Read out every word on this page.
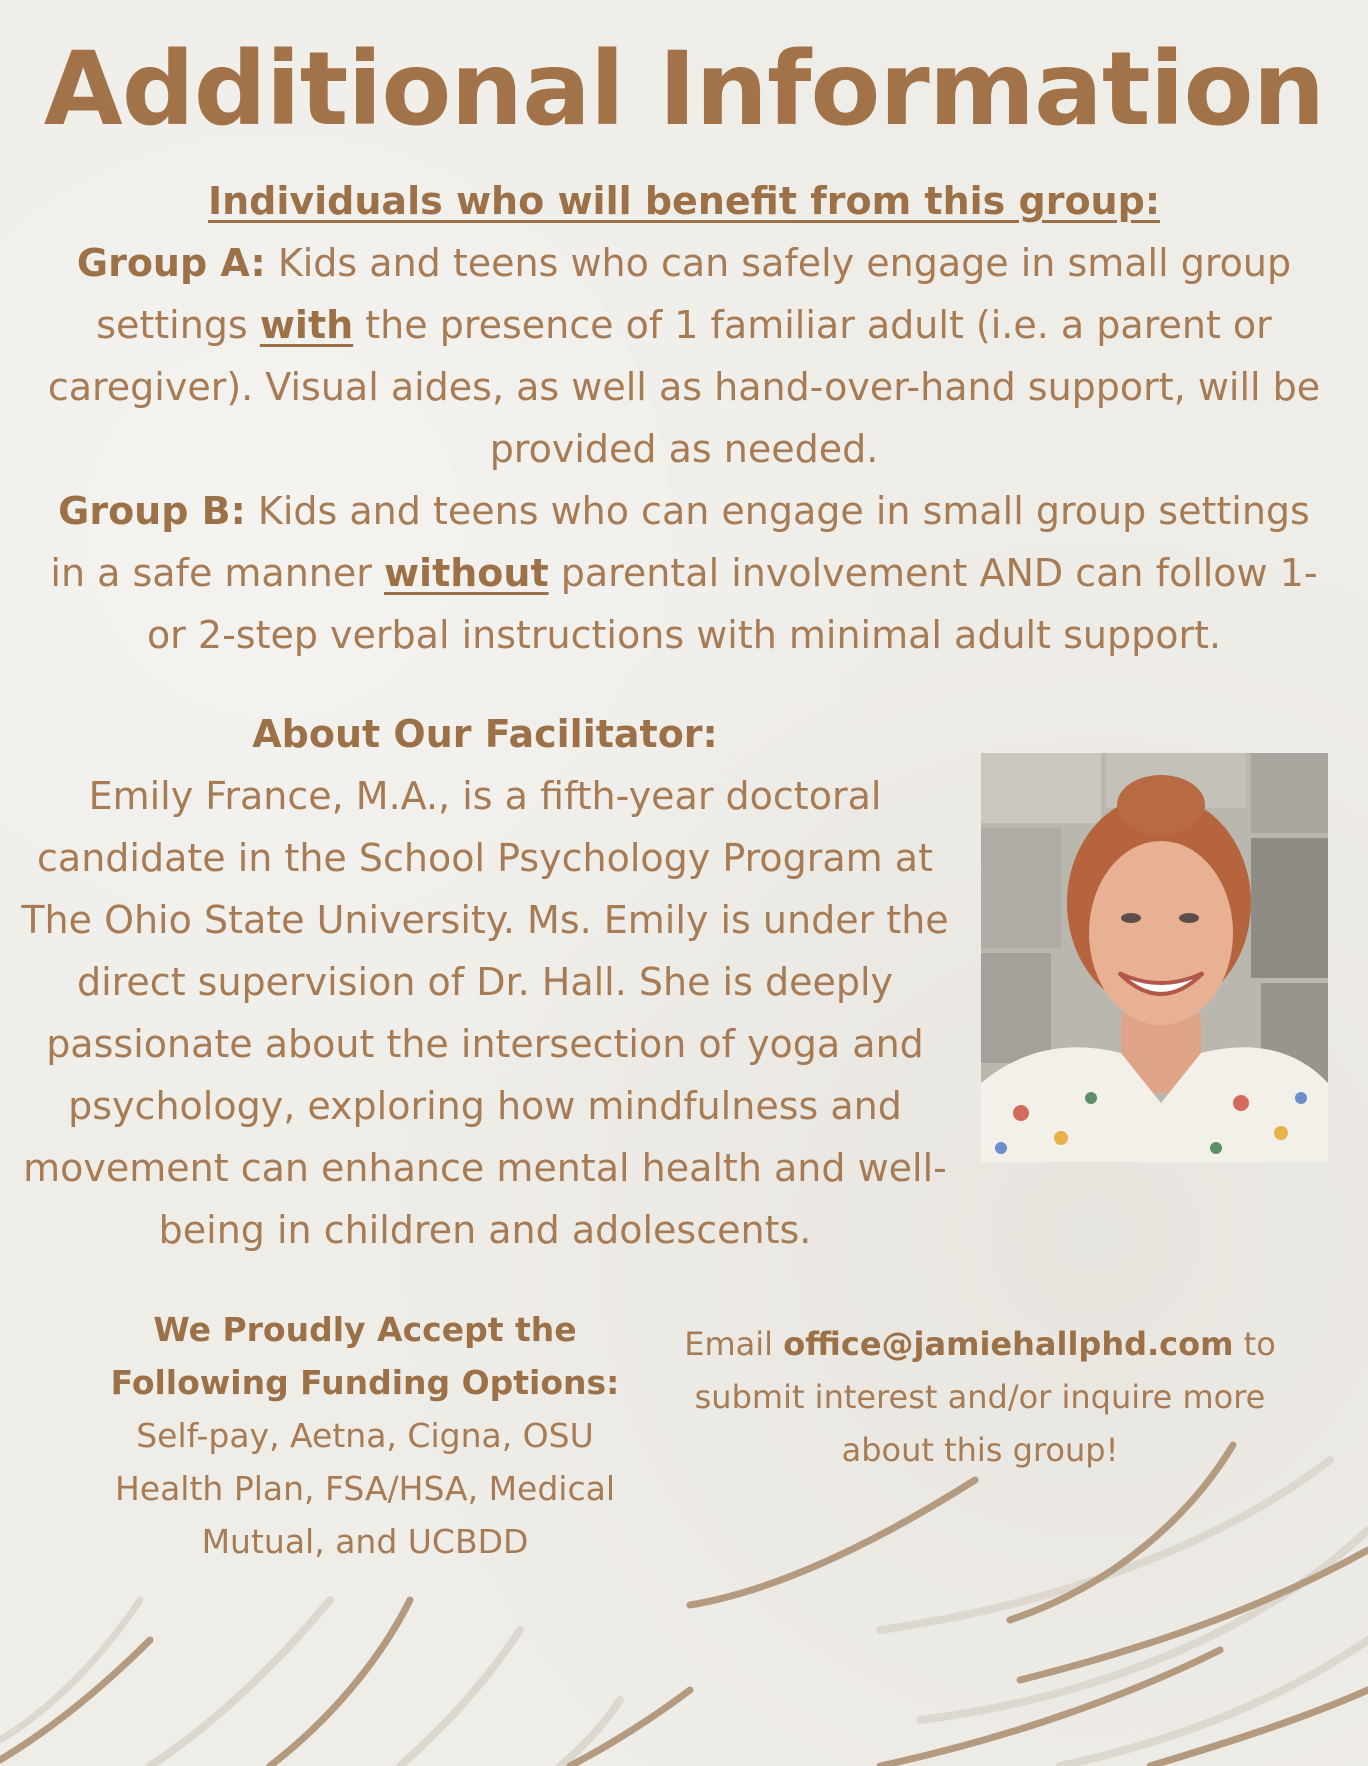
Additional Information
Individuals who will benefit from this group:
Group A: Kids and teens who can safely engage in small group settings with the presence of 1 familiar adult (i.e. a parent or caregiver). Visual aides, as well as hand-over-hand support, will be provided as needed.
Group B: Kids and teens who can engage in small group settings in a safe manner without parental involvement AND can follow 1- or 2-step verbal instructions with minimal adult support.
About Our Facilitator:
Emily France, M.A., is a fifth-year doctoral candidate in the School Psychology Program at The Ohio State University. Ms. Emily is under the direct supervision of Dr. Hall. She is deeply passionate about the intersection of yoga and psychology, exploring how mindfulness and movement can enhance mental health and well-being in children and adolescents.
We Proudly Accept the Following Funding Options:
Self-pay, Aetna, Cigna, OSU Health Plan, FSA/HSA, Medical Mutual, and UCBDD
Email office@jamiehallphd.com to submit interest and/or inquire more about this group!
